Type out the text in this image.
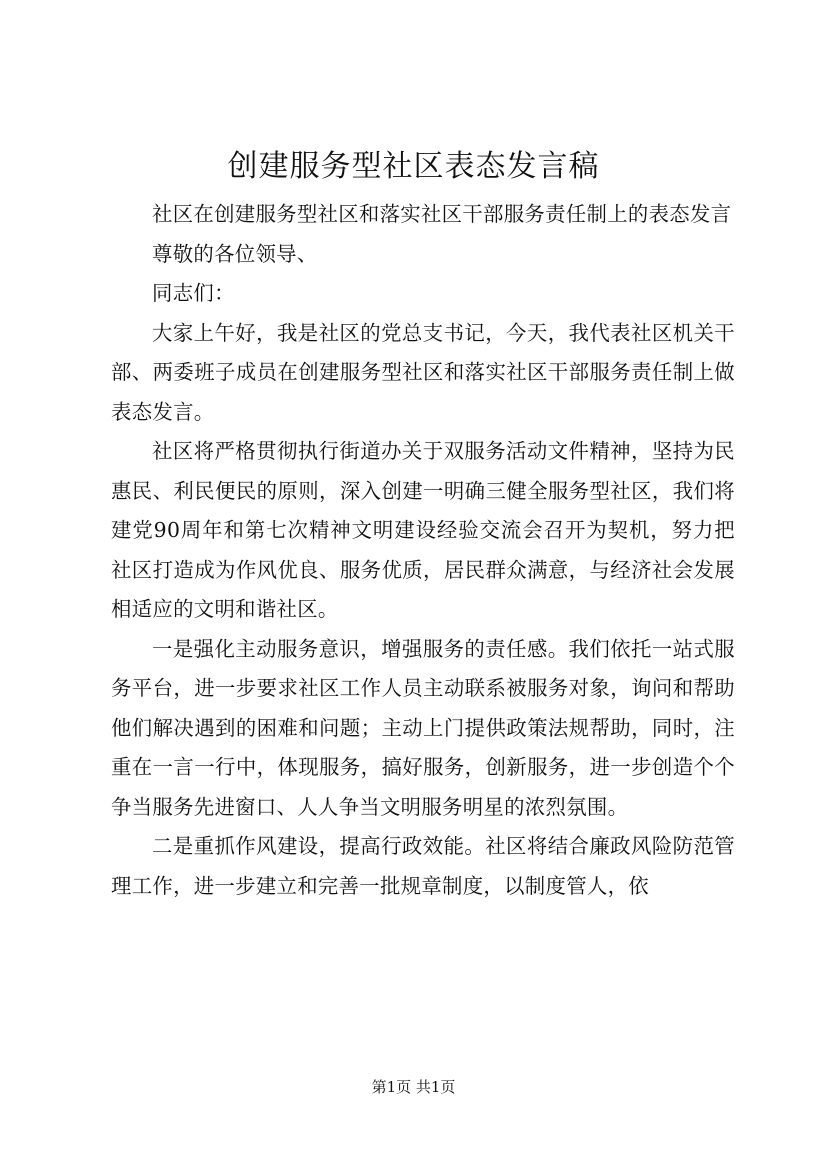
创建服务型社区表态发言稿

社区在创建服务型社区和落实社区干部服务责任制上的表态发言

尊敬的各位领导、

同志们：

大家上午好，我是社区的党总支书记，今天，我代表社区机关干部、两委班子成员在创建服务型社区和落实社区干部服务责任制上做表态发言。

社区将严格贯彻执行街道办关于双服务活动文件精神，坚持为民惠民、利民便民的原则，深入创建一明确三健全服务型社区，我们将建党90周年和第七次精神文明建设经验交流会召开为契机，努力把社区打造成为作风优良、服务优质，居民群众满意，与经济社会发展相适应的文明和谐社区。

一是强化主动服务意识，增强服务的责任感。我们依托一站式服务平台，进一步要求社区工作人员主动联系被服务对象，询问和帮助他们解决遇到的困难和问题；主动上门提供政策法规帮助，同时，注重在一言一行中，体现服务，搞好服务，创新服务，进一步创造个个争当服务先进窗口、人人争当文明服务明星的浓烈氛围。

二是重抓作风建设，提高行政效能。社区将结合廉政风险防范管理工作，进一步建立和完善一批规章制度，以制度管人，依

第1页 共1页
